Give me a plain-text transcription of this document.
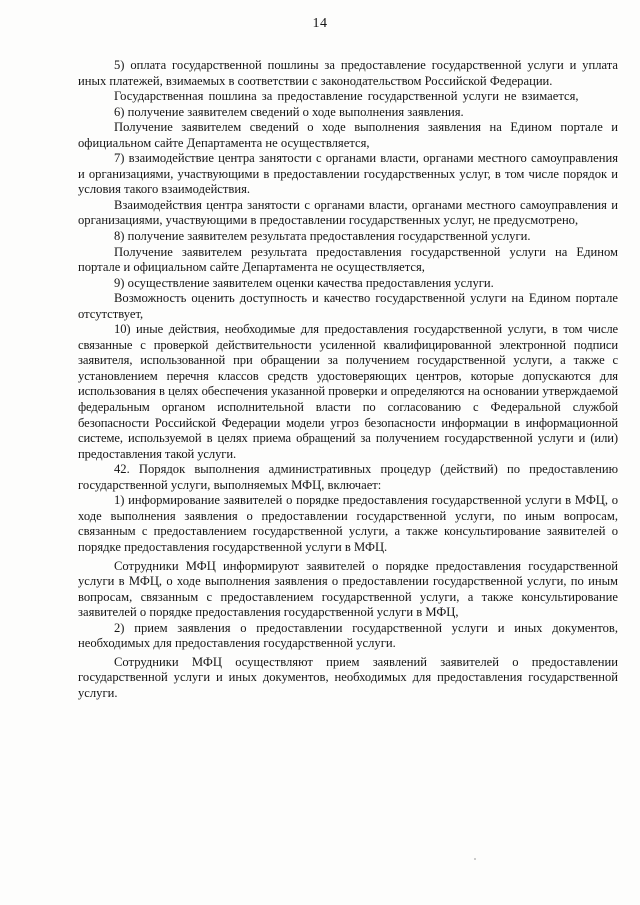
14

5) оплата государственной пошлины за предоставление государственной услуги и уплата иных платежей, взимаемых в соответствии с законодательством Российской Федерации.

Государственная пошлина за предоставление государственной услуги не взимается,

6) получение заявителем сведений о ходе выполнения заявления.

Получение заявителем сведений о ходе выполнения заявления на Едином портале и официальном сайте Департамента не осуществляется,

7) взаимодействие центра занятости с органами власти, органами местного самоуправления и организациями, участвующими в предоставлении государственных услуг, в том числе порядок и условия такого взаимодействия.

Взаимодействия центра занятости с органами власти, органами местного самоуправления и организациями, участвующими в предоставлении государственных услуг, не предусмотрено,

8) получение заявителем результата предоставления государственной услуги.

Получение заявителем результата предоставления государственной услуги на Едином портале и официальном сайте Департамента не осуществляется,

9) осуществление заявителем оценки качества предоставления услуги.

Возможность оценить доступность и качество государственной услуги на Едином портале отсутствует,

10) иные действия, необходимые для предоставления государственной услуги, в том числе связанные с проверкой действительности усиленной квалифицированной электронной подписи заявителя, использованной при обращении за получением государственной услуги, а также с установлением перечня классов средств удостоверяющих центров, которые допускаются для использования в целях обеспечения указанной проверки и определяются на основании утверждаемой федеральным органом исполнительной власти по согласованию с Федеральной службой безопасности Российской Федерации модели угроз безопасности информации в информационной системе, используемой в целях приема обращений за получением государственной услуги и (или) предоставления такой услуги.

42. Порядок выполнения административных процедур (действий) по предоставлению государственной услуги, выполняемых МФЦ, включает:

1) информирование заявителей о порядке предоставления государственной услуги в МФЦ, о ходе выполнения заявления о предоставлении государственной услуги, по иным вопросам, связанным с предоставлением государственной услуги, а также консультирование заявителей о порядке предоставления государственной услуги в МФЦ.

Сотрудники МФЦ информируют заявителей о порядке предоставления государственной услуги в МФЦ, о ходе выполнения заявления о предоставлении государственной услуги, по иным вопросам, связанным с предоставлением государственной услуги, а также консультирование заявителей о порядке предоставления государственной услуги в МФЦ,

2) прием заявления о предоставлении государственной услуги и иных документов, необходимых для предоставления государственной услуги.

Сотрудники МФЦ осуществляют прием заявлений заявителей о предоставлении государственной услуги и иных документов, необходимых для предоставления государственной услуги.
